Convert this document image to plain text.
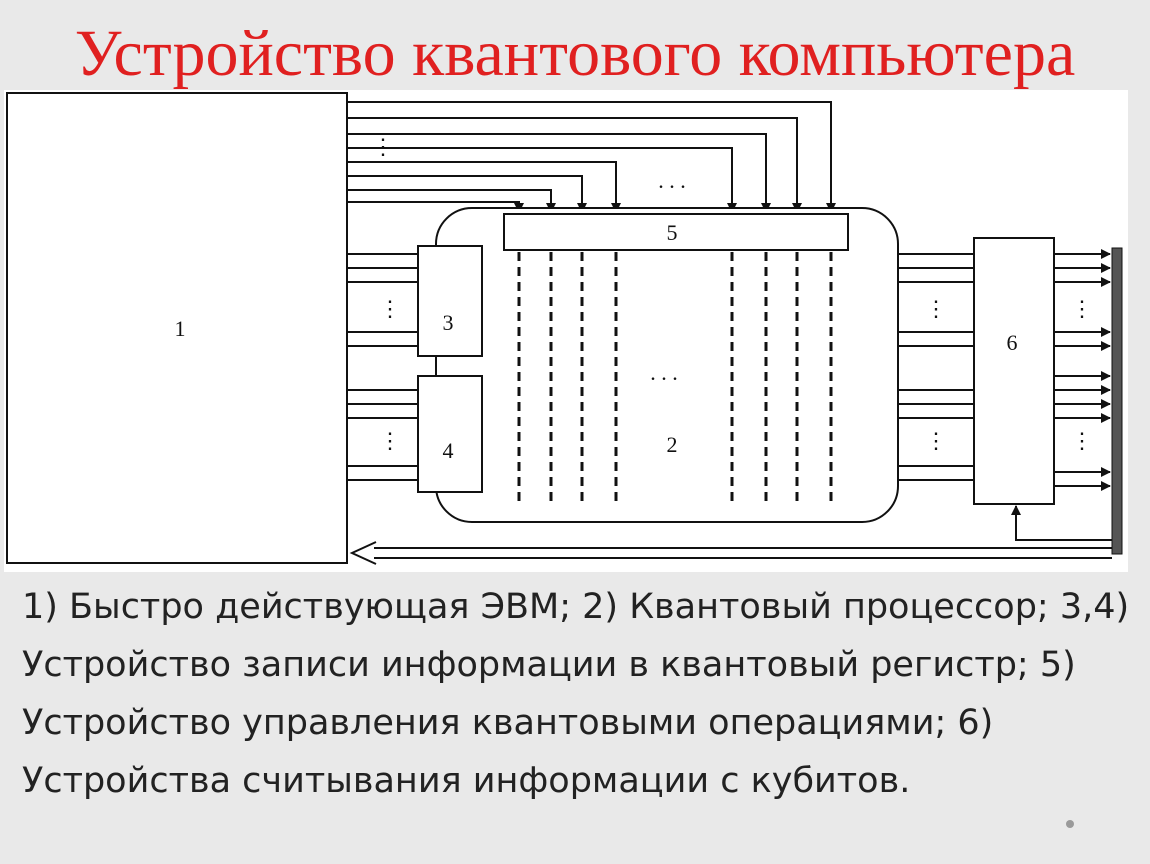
Устройство квантового компьютера
1
⋮
. . .
2
. . .
5
⋮
3
⋮ 4
⋮
⋮
6
⋮
⋮

1) Быстро действующая ЭВМ; 2) Квантовый процессор; 3,4) Устройство записи информации в квантовый регистр; 5) Устройство управления квантовыми операциями; 6) Устройства считывания информации с кубитов.
